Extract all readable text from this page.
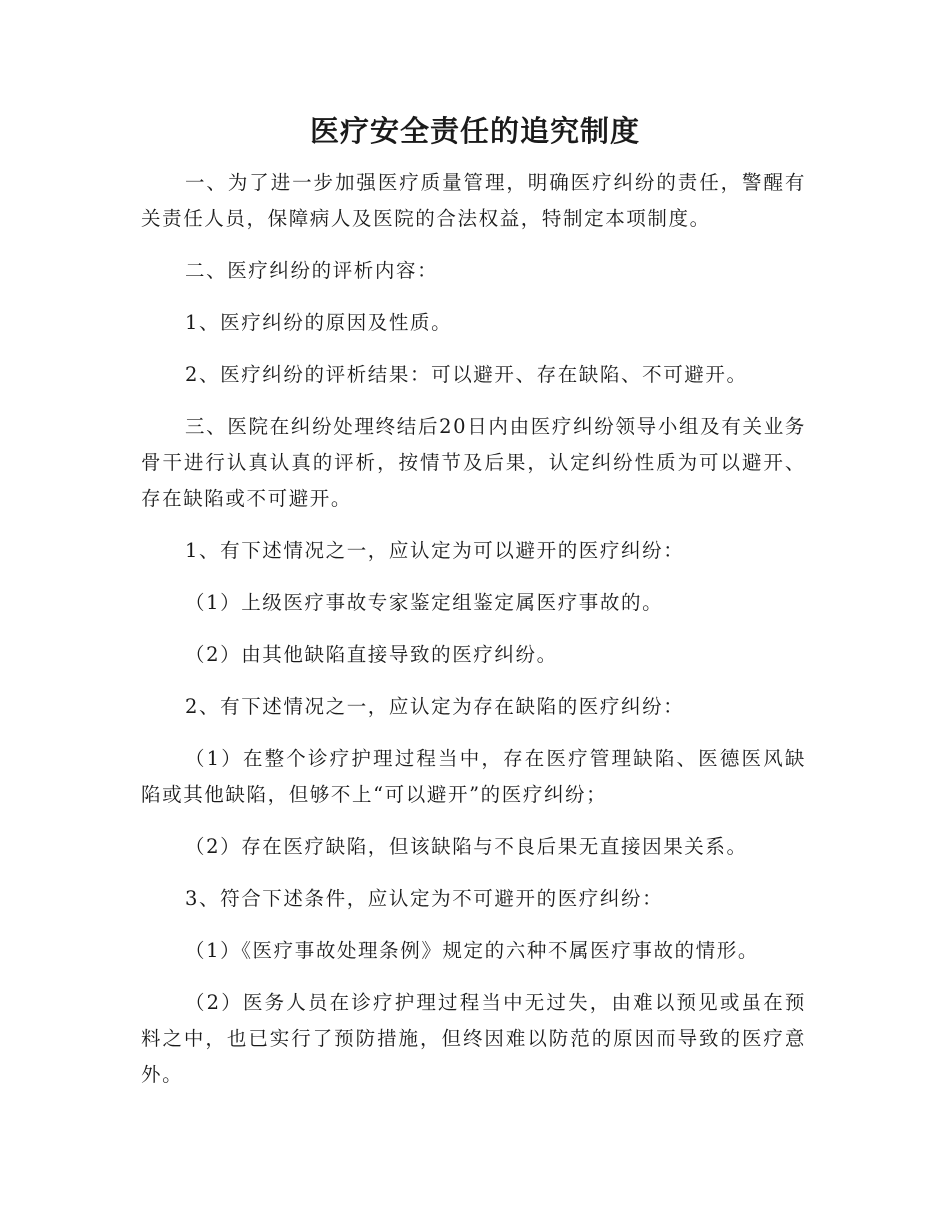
医疗安全责任的追究制度

一、为了进一步加强医疗质量管理，明确医疗纠纷的责任，警醒有关责任人员，保障病人及医院的合法权益，特制定本项制度。

二、医疗纠纷的评析内容：

1、医疗纠纷的原因及性质。

2、医疗纠纷的评析结果：可以避开、存在缺陷、不可避开。

三、医院在纠纷处理终结后20日内由医疗纠纷领导小组及有关业务骨干进行认真认真的评析，按情节及后果，认定纠纷性质为可以避开、存在缺陷或不可避开。

1、有下述情况之一，应认定为可以避开的医疗纠纷：

（1）上级医疗事故专家鉴定组鉴定属医疗事故的。

（2）由其他缺陷直接导致的医疗纠纷。

2、有下述情况之一，应认定为存在缺陷的医疗纠纷：

（1）在整个诊疗护理过程当中，存在医疗管理缺陷、医德医风缺陷或其他缺陷，但够不上“可以避开”的医疗纠纷；

（2）存在医疗缺陷，但该缺陷与不良后果无直接因果关系。

3、符合下述条件，应认定为不可避开的医疗纠纷：

（1）《医疗事故处理条例》规定的六种不属医疗事故的情形。

（2）医务人员在诊疗护理过程当中无过失，由难以预见或虽在预料之中，也已实行了预防措施，但终因难以防范的原因而导致的医疗意外。
